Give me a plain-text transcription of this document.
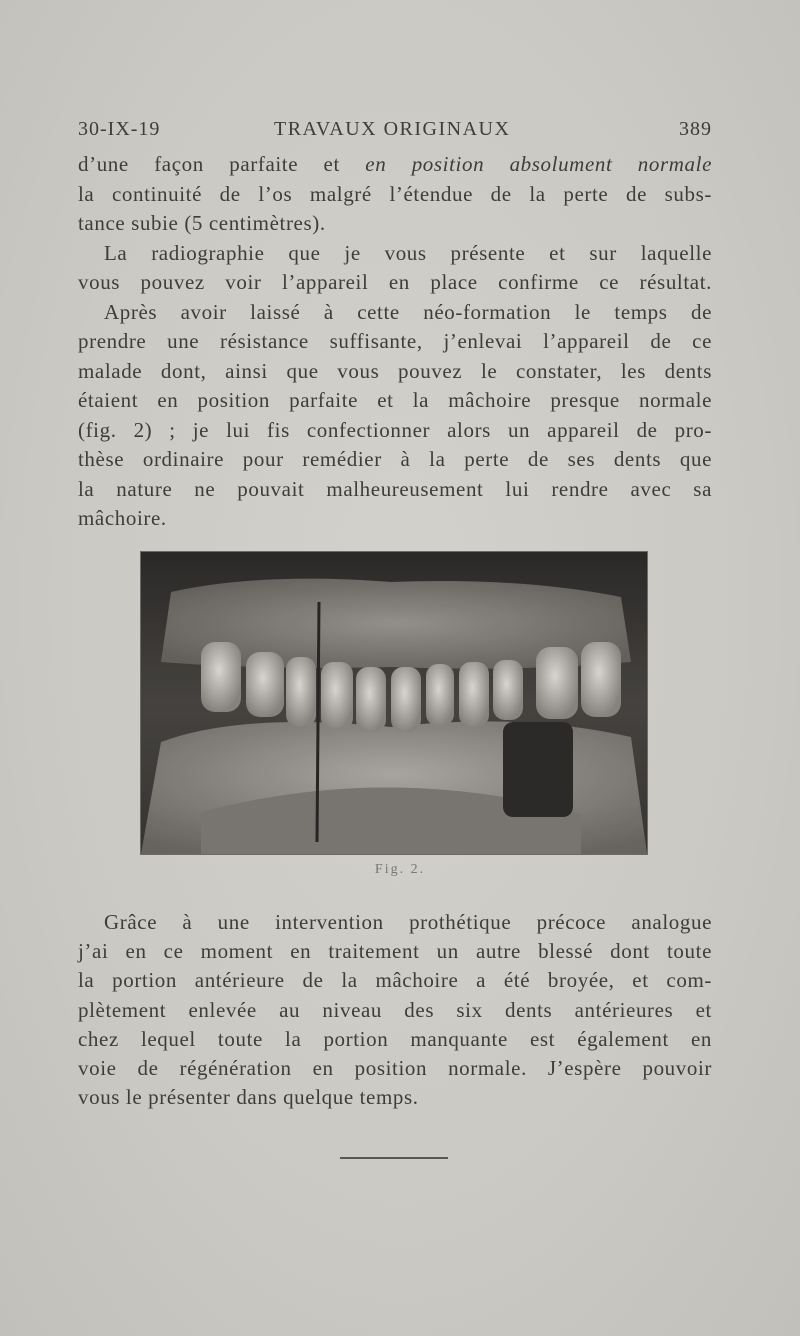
30-IX-19	TRAVAUX ORIGINAUX	389

d’une façon parfaite et en position absolument normale
la continuité de l’os malgré l’étendue de la perte de subs-
tance subie (5 centimètres).

La radiographie que je vous présente et sur laquelle
vous pouvez voir l’appareil en place confirme ce résultat.

Après avoir laissé à cette néo-formation le temps de
prendre une résistance suffisante, j’enlevai l’appareil de ce
malade dont, ainsi que vous pouvez le constater, les dents
étaient en position parfaite et la mâchoire presque normale
(fig. 2) ; je lui fis confectionner alors un appareil de pro-
thèse ordinaire pour remédier à la perte de ses dents que
la nature ne pouvait malheureusement lui rendre avec sa
mâchoire.

Fig. 2.

Grâce à une intervention prothétique précoce analogue
j’ai en ce moment en traitement un autre blessé dont toute
la portion antérieure de la mâchoire a été broyée, et com-
plètement enlevée au niveau des six dents antérieures et
chez lequel toute la portion manquante est également en
voie de régénération en position normale. J’espère pouvoir
vous le présenter dans quelque temps.
